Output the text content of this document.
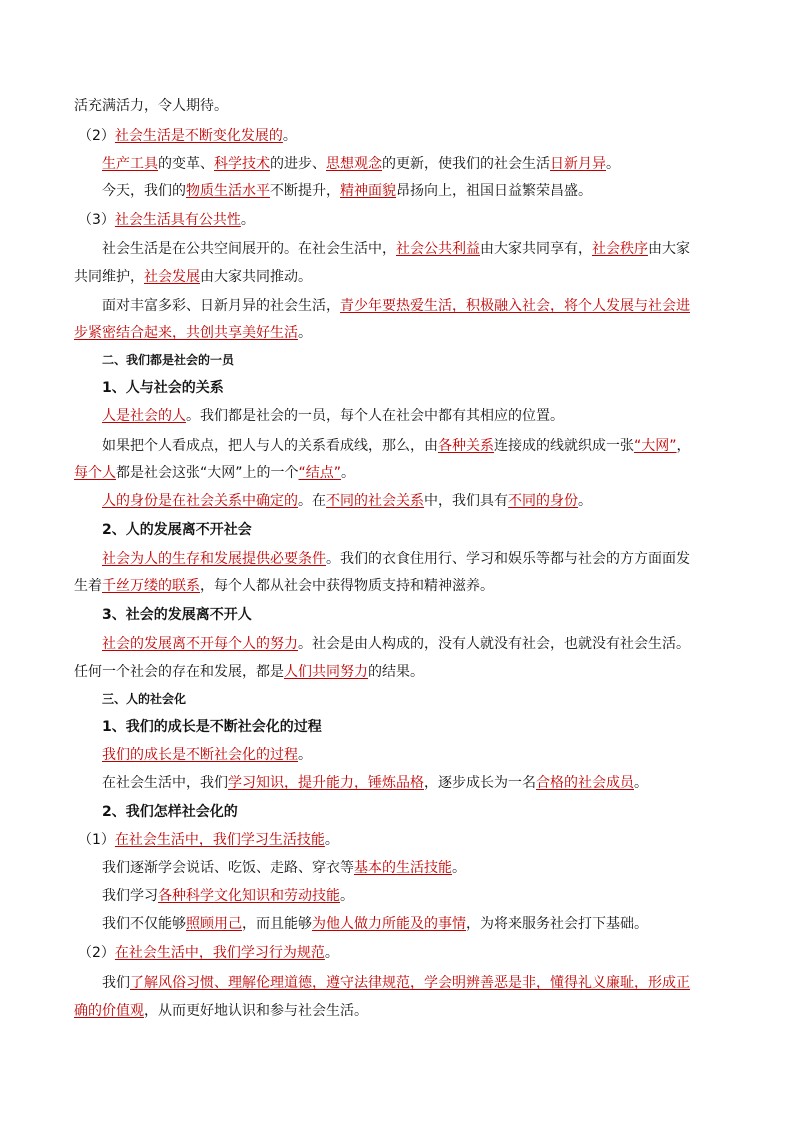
活充满活力，令人期待。
（2）社会生活是不断变化发展的。
生产工具的变革、科学技术的进步、思想观念的更新，使我们的社会生活日新月异。
今天，我们的物质生活水平不断提升，精神面貌昂扬向上，祖国日益繁荣昌盛。
（3）社会生活具有公共性。
社会生活是在公共空间展开的。在社会生活中，社会公共利益由大家共同享有，社会秩序由大家
共同维护，社会发展由大家共同推动。
面对丰富多彩、日新月异的社会生活，青少年要热爱生活，积极融入社会，将个人发展与社会进
步紧密结合起来，共创共享美好生活。
二、我们都是社会的一员
1、人与社会的关系
人是社会的人。我们都是社会的一员，每个人在社会中都有其相应的位置。
如果把个人看成点，把人与人的关系看成线，那么，由各种关系连接成的线就织成一张“大网”，
每个人都是社会这张“大网”上的一个“结点”。
人的身份是在社会关系中确定的。在不同的社会关系中，我们具有不同的身份。
2、人的发展离不开社会
社会为人的生存和发展提供必要条件。我们的衣食住用行、学习和娱乐等都与社会的方方面面发
生着千丝万缕的联系，每个人都从社会中获得物质支持和精神滋养。
3、社会的发展离不开人
社会的发展离不开每个人的努力。社会是由人构成的，没有人就没有社会，也就没有社会生活。
任何一个社会的存在和发展，都是人们共同努力的结果。
三、人的社会化
1、我们的成长是不断社会化的过程
我们的成长是不断社会化的过程。
在社会生活中，我们学习知识，提升能力，锤炼品格，逐步成长为一名合格的社会成员。
2、我们怎样社会化的
（1）在社会生活中，我们学习生活技能。
我们逐渐学会说话、吃饭、走路、穿衣等基本的生活技能。
我们学习各种科学文化知识和劳动技能。
我们不仅能够照顾用己，而且能够为他人做力所能及的事情，为将来服务社会打下基础。
（2）在社会生活中，我们学习行为规范。
我们了解风俗习惯、理解伦理道德，遵守法律规范，学会明辨善恶是非，懂得礼义廉耻，形成正
确的价值观，从而更好地认识和参与社会生活。
